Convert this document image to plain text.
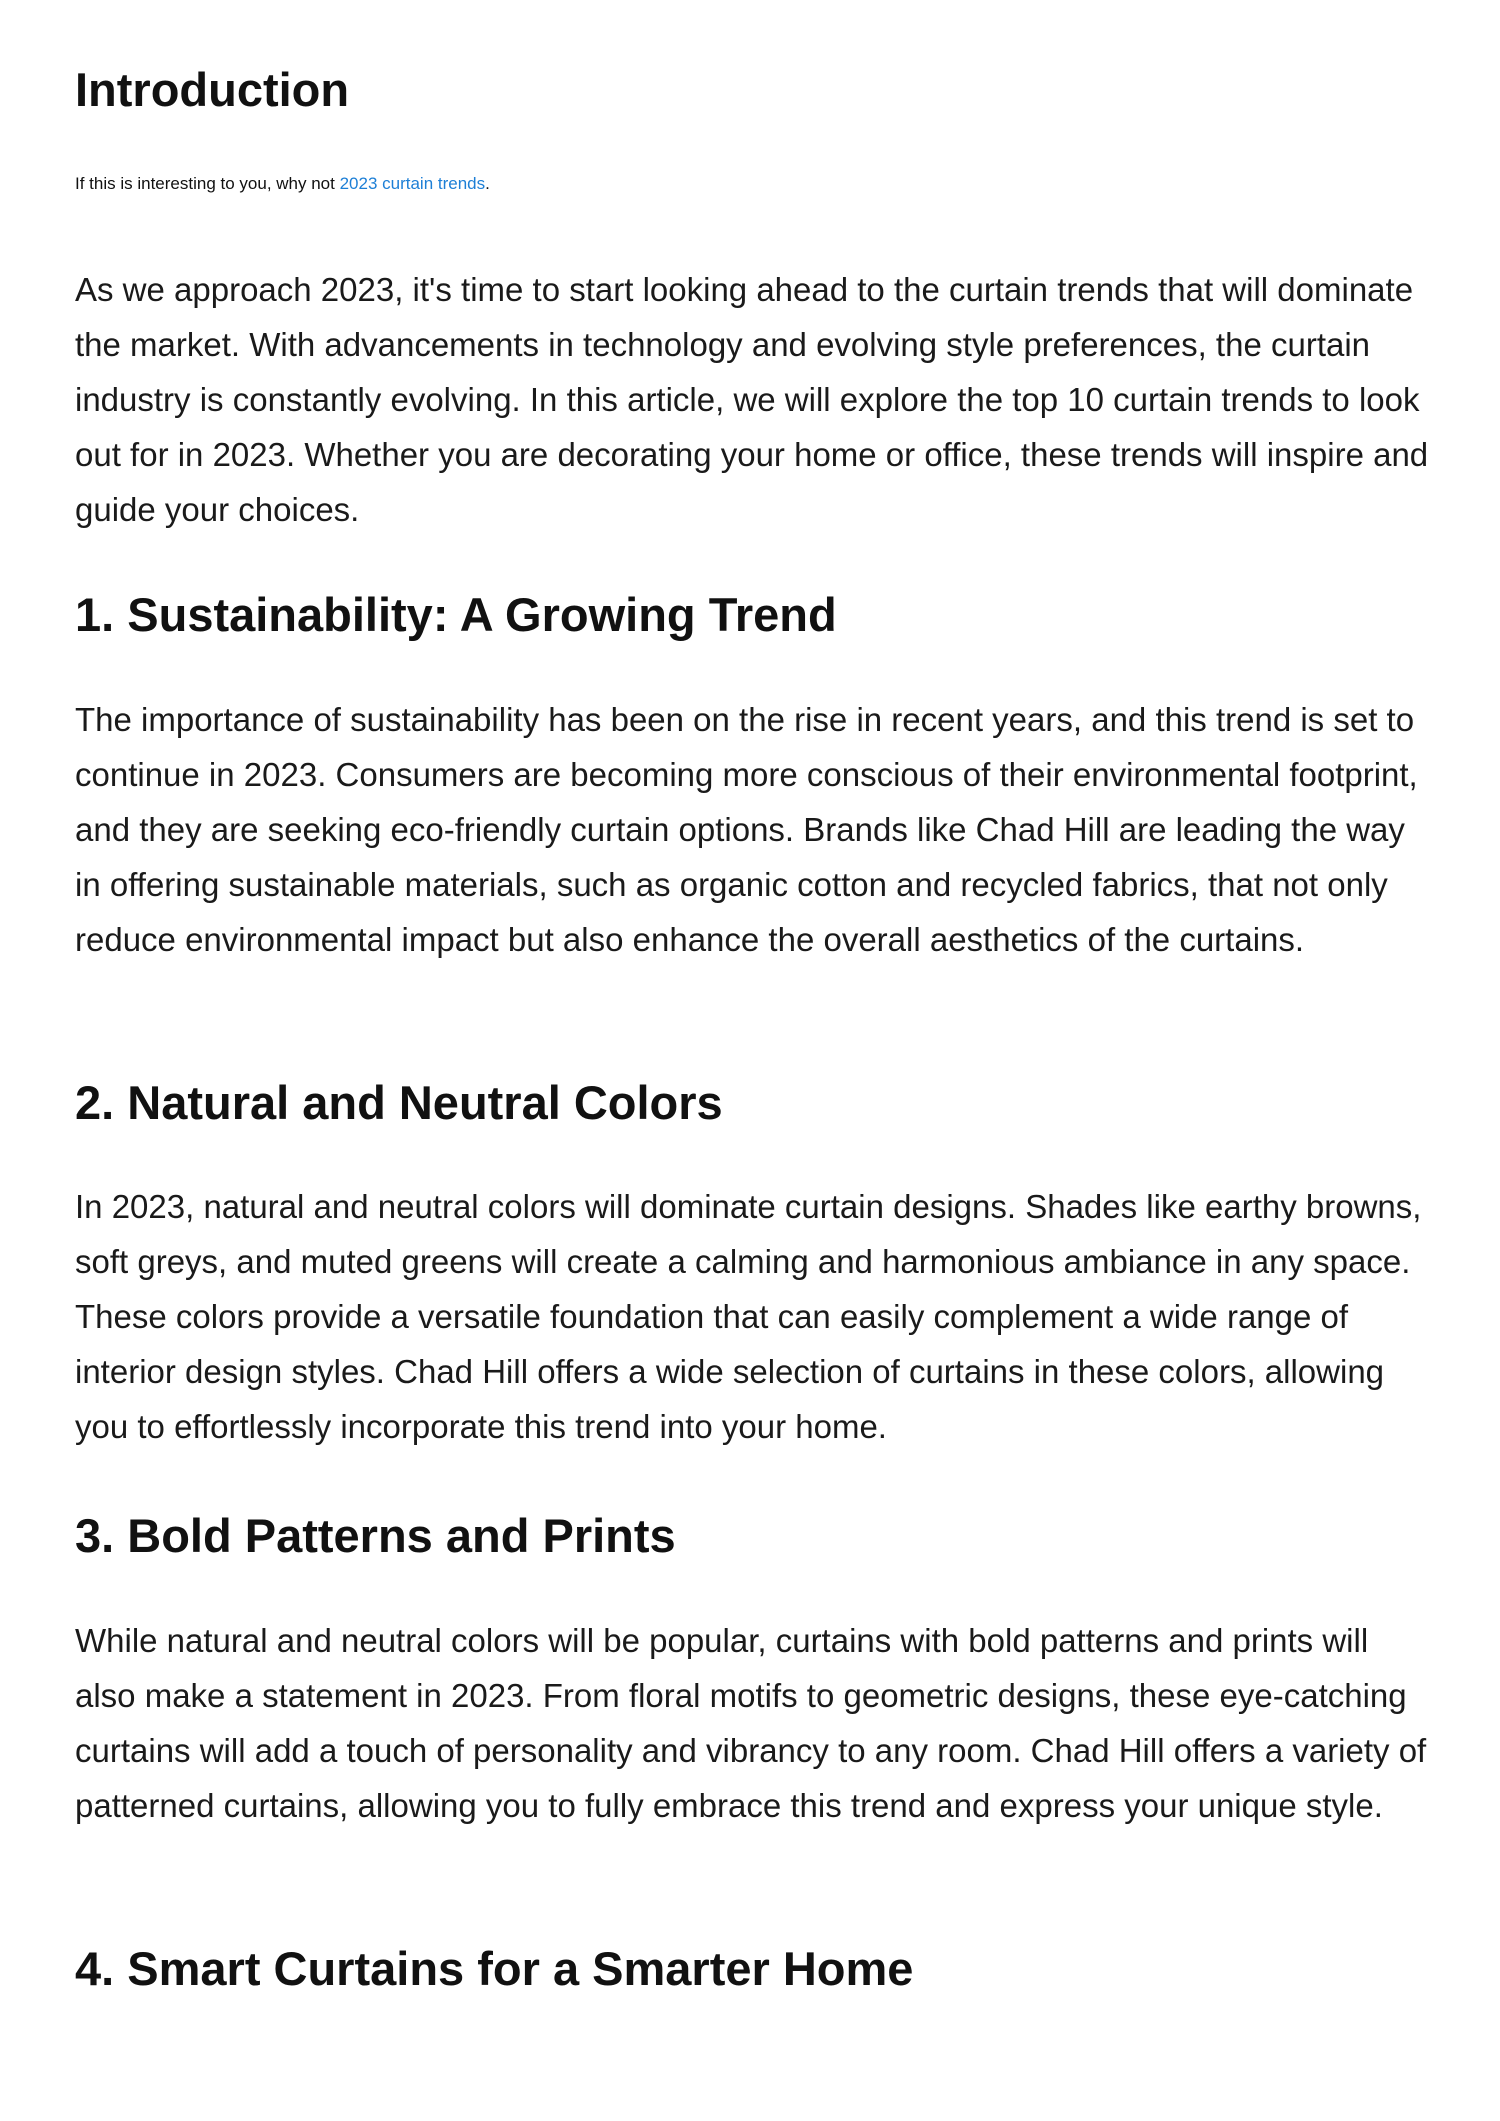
Introduction

If this is interesting to you, why not 2023 curtain trends.

As we approach 2023, it's time to start looking ahead to the curtain trends that will dominate the market. With advancements in technology and evolving style preferences, the curtain industry is constantly evolving. In this article, we will explore the top 10 curtain trends to look out for in 2023. Whether you are decorating your home or office, these trends will inspire and guide your choices.

1. Sustainability: A Growing Trend

The importance of sustainability has been on the rise in recent years, and this trend is set to continue in 2023. Consumers are becoming more conscious of their environmental footprint, and they are seeking eco-friendly curtain options. Brands like Chad Hill are leading the way in offering sustainable materials, such as organic cotton and recycled fabrics, that not only reduce environmental impact but also enhance the overall aesthetics of the curtains.

2. Natural and Neutral Colors

In 2023, natural and neutral colors will dominate curtain designs. Shades like earthy browns, soft greys, and muted greens will create a calming and harmonious ambiance in any space. These colors provide a versatile foundation that can easily complement a wide range of interior design styles. Chad Hill offers a wide selection of curtains in these colors, allowing you to effortlessly incorporate this trend into your home.

3. Bold Patterns and Prints

While natural and neutral colors will be popular, curtains with bold patterns and prints will also make a statement in 2023. From floral motifs to geometric designs, these eye-catching curtains will add a touch of personality and vibrancy to any room. Chad Hill offers a variety of patterned curtains, allowing you to fully embrace this trend and express your unique style.

4. Smart Curtains for a Smarter Home
